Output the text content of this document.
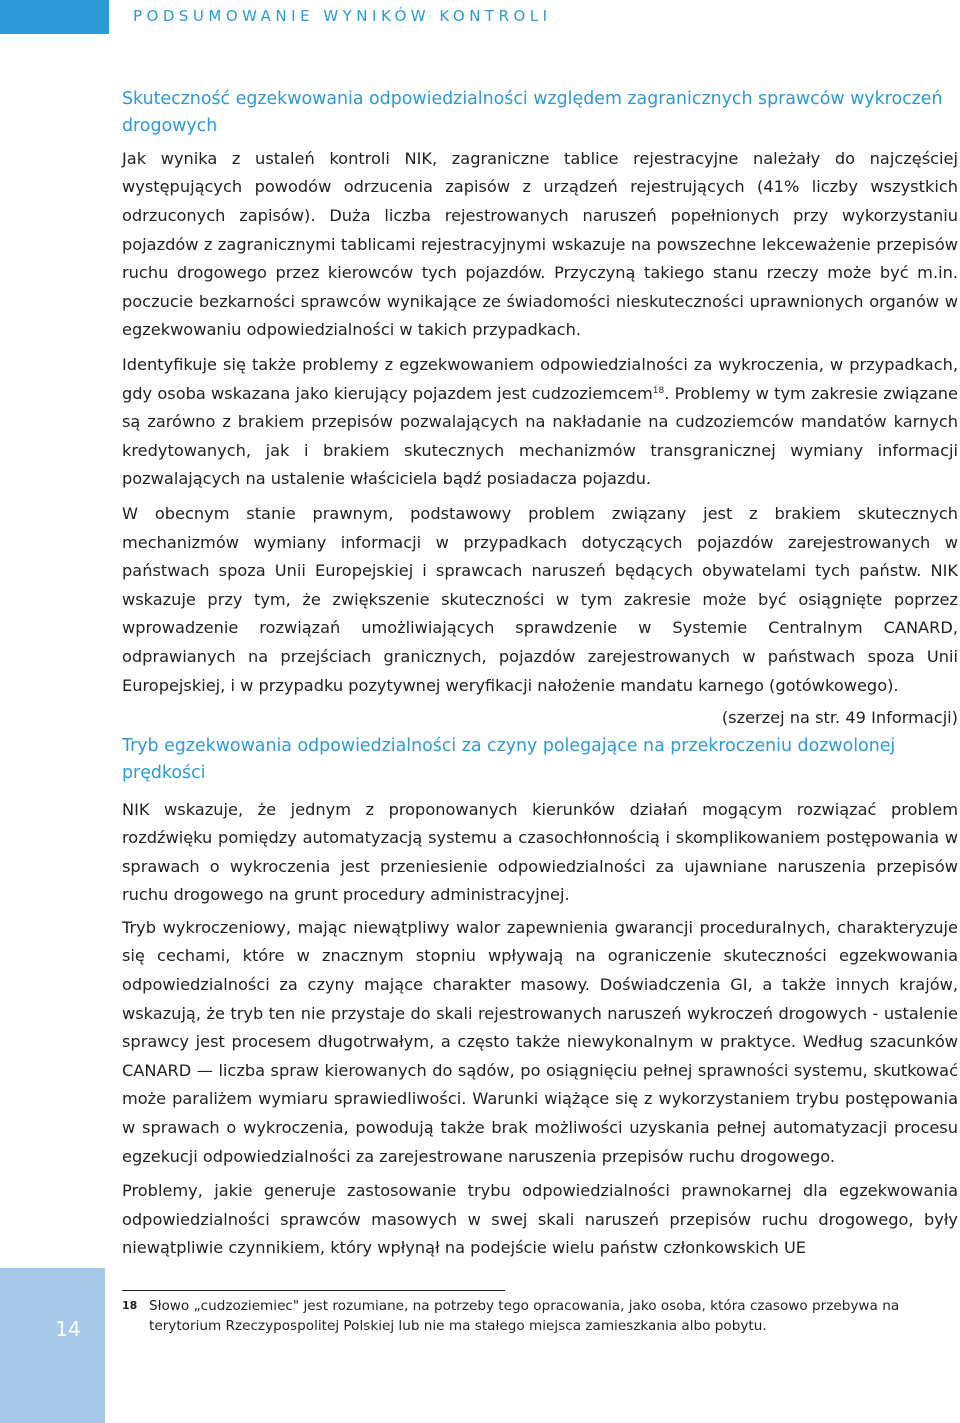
PODSUMOWANIE WYNIKÓW KONTROLI

Skuteczność egzekwowania odpowiedzialności względem zagranicznych sprawców wykroczeń drogowych

Jak wynika z ustaleń kontroli NIK, zagraniczne tablice rejestracyjne należały do najczęściej występujących powodów odrzucenia zapisów z urządzeń rejestrujących (41% liczby wszystkich odrzuconych zapisów). Duża liczba rejestrowanych naruszeń popełnionych przy wykorzystaniu pojazdów z zagranicznymi tablicami rejestracyjnymi wskazuje na powszechne lekceważenie przepisów ruchu drogowego przez kierowców tych pojazdów. Przyczyną takiego stanu rzeczy może być m.in. poczucie bezkarności sprawców wynikające ze świadomości nieskuteczności uprawnionych organów w egzekwowaniu odpowiedzialności w takich przypadkach.

Identyfikuje się także problemy z egzekwowaniem odpowiedzialności za wykroczenia, w przypadkach, gdy osoba wskazana jako kierujący pojazdem jest cudzoziemcem$^{18}$. Problemy w tym zakresie związane są zarówno z brakiem przepisów pozwalających na nakładanie na cudzoziemców mandatów karnych kredytowanych, jak i brakiem skutecznych mechanizmów transgranicznej wymiany informacji pozwalających na ustalenie właściciela bądź posiadacza pojazdu.

W obecnym stanie prawnym, podstawowy problem związany jest z brakiem skutecznych mechanizmów wymiany informacji w przypadkach dotyczących pojazdów zarejestrowanych w państwach spoza Unii Europejskiej i sprawcach naruszeń będących obywatelami tych państw. NIK wskazuje przy tym, że zwiększenie skuteczności w tym zakresie może być osiągnięte poprzez wprowadzenie rozwiązań umożliwiających sprawdzenie w Systemie Centralnym CANARD, odprawianych na przejściach granicznych, pojazdów zarejestrowanych w państwach spoza Unii Europejskiej, i w przypadku pozytywnej weryfikacji nałożenie mandatu karnego (gotówkowego).

(szerzej na str. 49 Informacji)

Tryb egzekwowania odpowiedzialności za czyny polegające na przekroczeniu dozwolonej prędkości

NIK wskazuje, że jednym z proponowanych kierunków działań mogącym rozwiązać problem rozdźwięku pomiędzy automatyzacją systemu a czasochłonnością i skomplikowaniem postępowania w sprawach o wykroczenia jest przeniesienie odpowiedzialności za ujawniane naruszenia przepisów ruchu drogowego na grunt procedury administracyjnej.

Tryb wykroczeniowy, mając niewątpliwy walor zapewnienia gwarancji proceduralnych, charakteryzuje się cechami, które w znacznym stopniu wpływają na ograniczenie skuteczności egzekwowania odpowiedzialności za czyny mające charakter masowy. Doświadczenia GI, a także innych krajów, wskazują, że tryb ten nie przystaje do skali rejestrowanych naruszeń wykroczeń drogowych - ustalenie sprawcy jest procesem długotrwałym, a często także niewykonalnym w praktyce. Według szacunków CANARD — liczba spraw kierowanych do sądów, po osiągnięciu pełnej sprawności systemu, skutkować może paraliżem wymiaru sprawiedliwości. Warunki wiążące się z wykorzystaniem trybu postępowania w sprawach o wykroczenia, powodują także brak możliwości uzyskania pełnej automatyzacji procesu egzekucji odpowiedzialności za zarejestrowane naruszenia przepisów ruchu drogowego.

Problemy, jakie generuje zastosowanie trybu odpowiedzialności prawnokarnej dla egzekwowania odpowiedzialności sprawców masowych w swej skali naruszeń przepisów ruchu drogowego, były niewątpliwie czynnikiem, który wpłynął na podejście wielu państw członkowskich UE

14
18 Słowo „cudzoziemiec" jest rozumiane, na potrzeby tego opracowania, jako osoba, która czasowo przebywa na terytorium Rzeczypospolitej Polskiej lub nie ma stałego miejsca zamieszkania albo pobytu.
